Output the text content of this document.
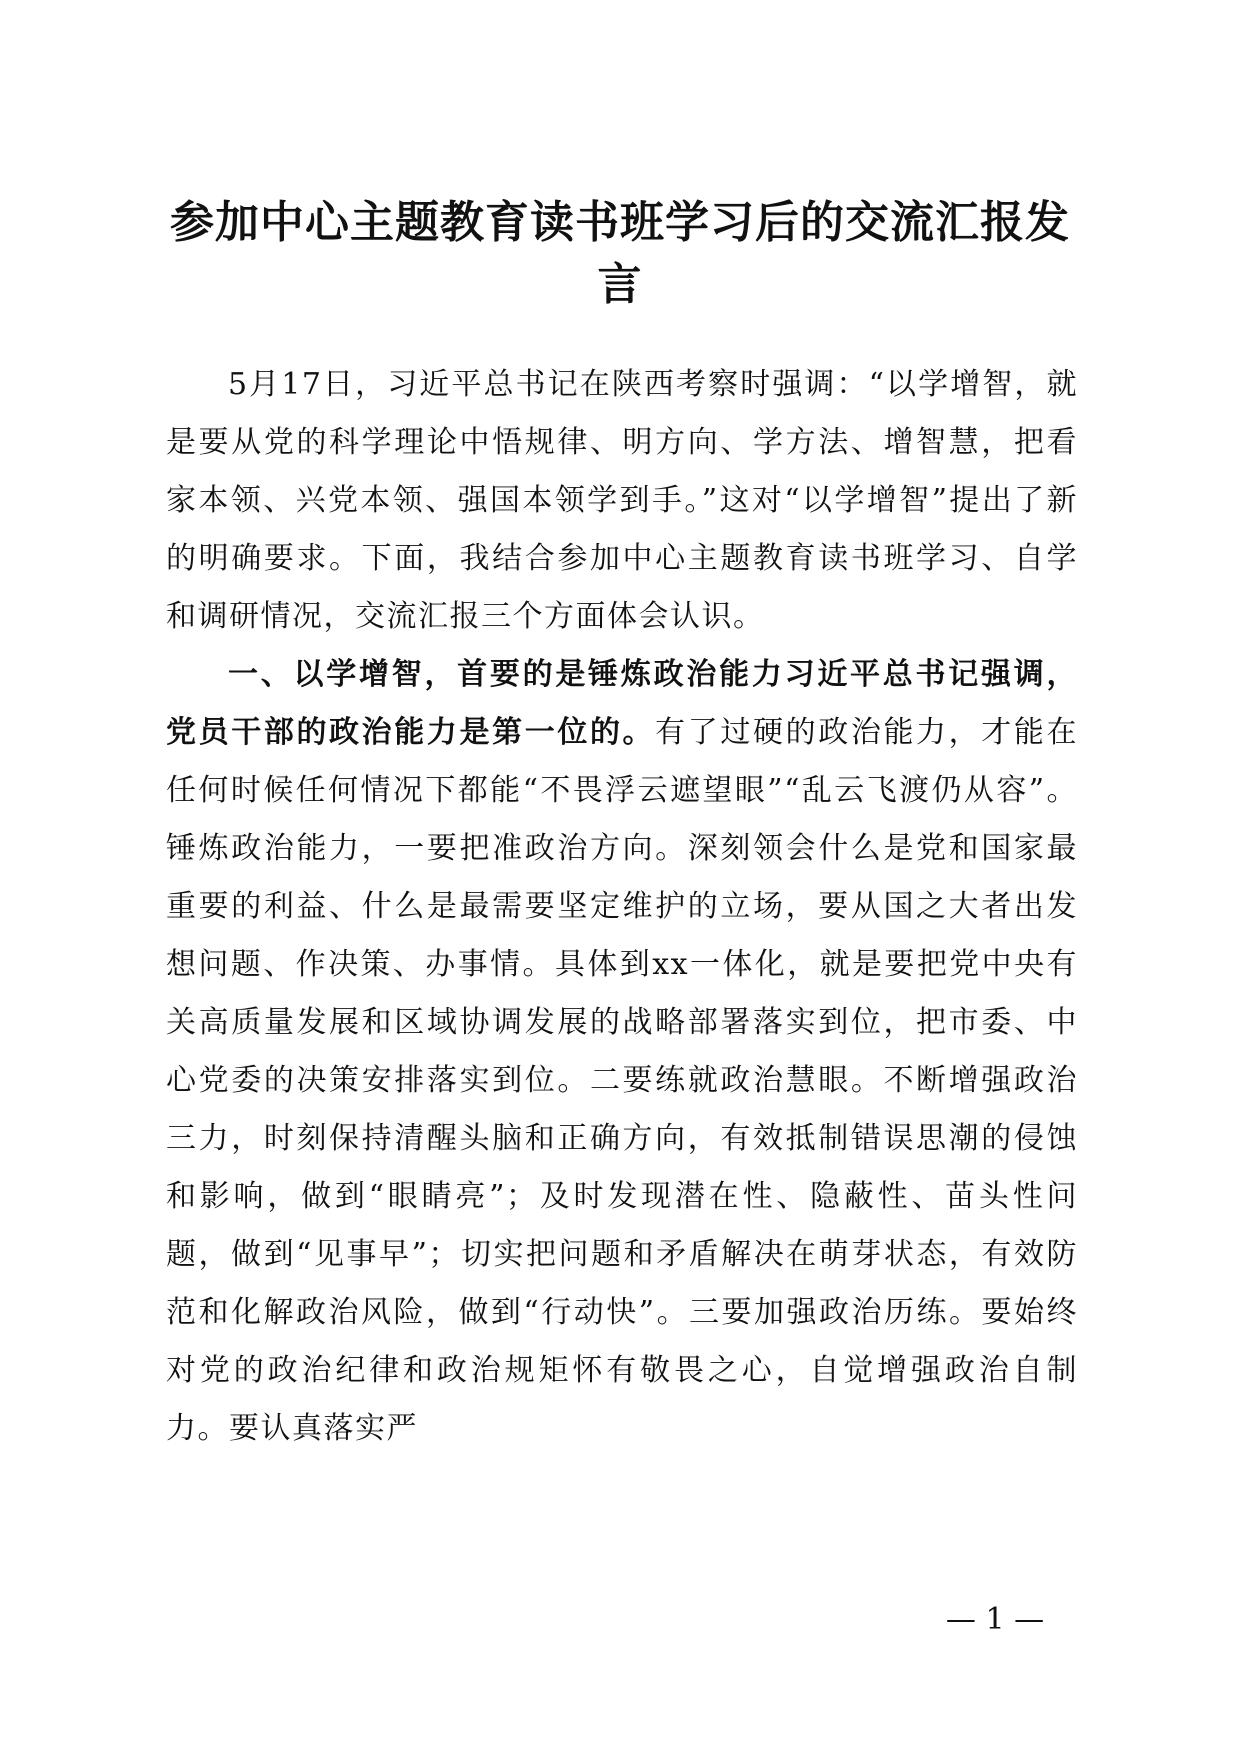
参加中心主题教育读书班学习后的交流汇报发言

5月17日，习近平总书记在陕西考察时强调：“以学增智，就是要从党的科学理论中悟规律、明方向、学方法、增智慧，把看家本领、兴党本领、强国本领学到手。”这对“以学增智”提出了新的明确要求。下面，我结合参加中心主题教育读书班学习、自学和调研情况，交流汇报三个方面体会认识。

一、以学增智，首要的是锤炼政治能力习近平总书记强调，党员干部的政治能力是第一位的。有了过硬的政治能力，才能在任何时候任何情况下都能“不畏浮云遮望眼”“乱云飞渡仍从容”。锤炼政治能力，一要把准政治方向。深刻领会什么是党和国家最重要的利益、什么是最需要坚定维护的立场，要从国之大者出发想问题、作决策、办事情。具体到xx一体化，就是要把党中央有关高质量发展和区域协调发展的战略部署落实到位，把市委、中心党委的决策安排落实到位。二要练就政治慧眼。不断增强政治三力，时刻保持清醒头脑和正确方向，有效抵制错误思潮的侵蚀和影响，做到“眼睛亮”；及时发现潜在性、隐蔽性、苗头性问题，做到“见事早”；切实把问题和矛盾解决在萌芽状态，有效防范和化解政治风险，做到“行动快”。三要加强政治历练。要始终对党的政治纪律和政治规矩怀有敬畏之心，自觉增强政治自制力。要认真落实严

— 1 —
